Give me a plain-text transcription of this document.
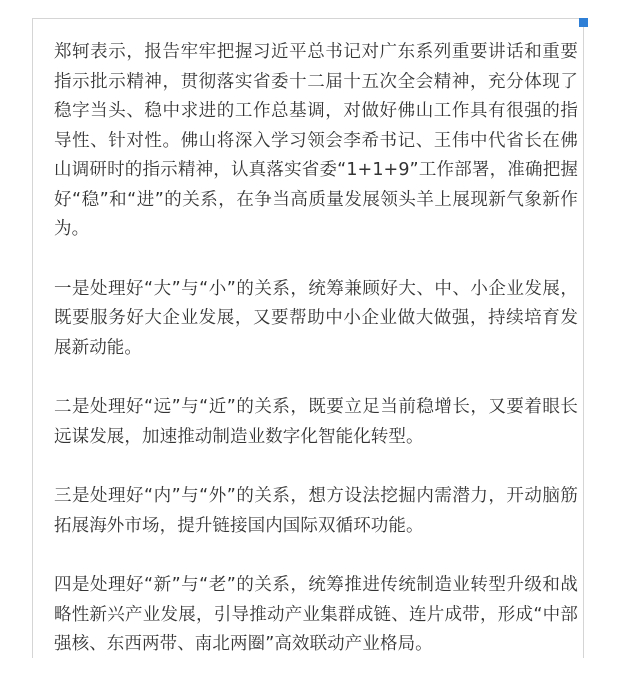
郑轲表示，报告牢牢把握习近平总书记对广东系列重要讲话和重要指示批示精神，贯彻落实省委十二届十五次全会精神，充分体现了稳字当头、稳中求进的工作总基调，对做好佛山工作具有很强的指导性、针对性。佛山将深入学习领会李希书记、王伟中代省长在佛山调研时的指示精神，认真落实省委“1+1+9”工作部署，准确把握好“稳”和“进”的关系，在争当高质量发展领头羊上展现新气象新作为。

一是处理好“大”与“小”的关系，统筹兼顾好大、中、小企业发展，既要服务好大企业发展，又要帮助中小企业做大做强，持续培育发展新动能。

二是处理好“远”与“近”的关系，既要立足当前稳增长，又要着眼长远谋发展，加速推动制造业数字化智能化转型。

三是处理好“内”与“外”的关系，想方设法挖掘内需潜力，开动脑筋拓展海外市场，提升链接国内国际双循环功能。

四是处理好“新”与“老”的关系，统筹推进传统制造业转型升级和战略性新兴产业发展，引导推动产业集群成链、连片成带，形成“中部强核、东西两带、南北两圈”高效联动产业格局。
